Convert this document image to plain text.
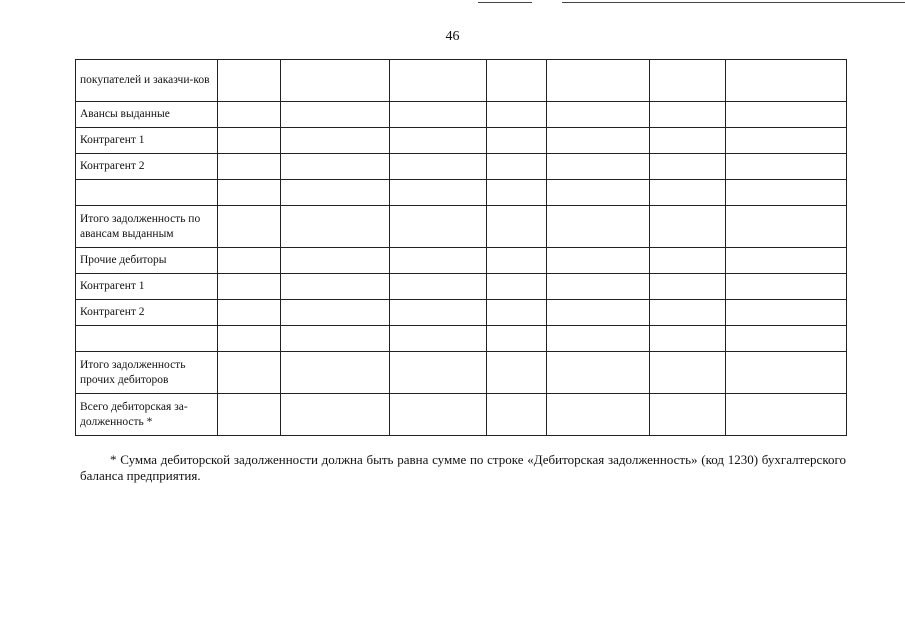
46
покупателей и заказчи-ков							
Авансы выданные							
Контрагент 1							
Контрагент 2							

Итого задолженность по авансам выданным							
Прочие дебиторы							
Контрагент 1							
Контрагент 2							

Итого задолженность прочих дебиторов							
Всего дебиторская за-долженность *							

* Сумма дебиторской задолженности должна быть равна сумме по строке «Дебиторская задолженность» (код 1230) бухгалтерского баланса предприятия.
